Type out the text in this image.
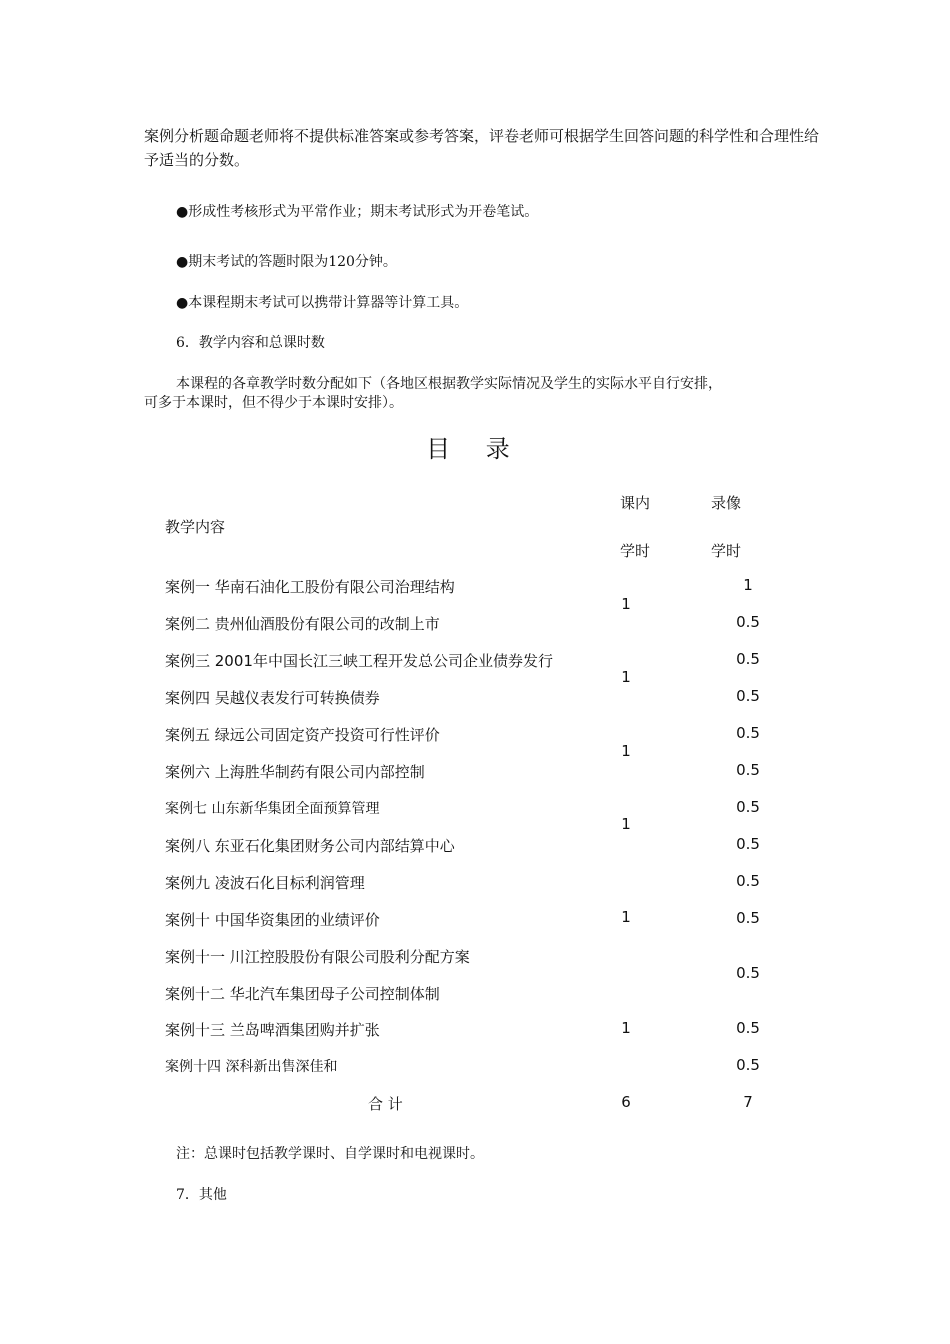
案例分析题命题老师将不提供标准答案或参考答案，评卷老师可根据学生回答问题的科学性和合理性给予适当的分数。
●形成性考核形式为平常作业；期末考试形式为开卷笔试。
●期末考试的答题时限为120分钟。
●本课程期末考试可以携带计算器等计算工具。
6．教学内容和总课时数
本课程的各章教学时数分配如下（各地区根据教学实际情况及学生的实际水平自行安排，
可多于本课时，但不得少于本课时安排）。
目 录
教学内容
课内
学时
录像
学时
案例一 华南石油化工股份有限公司治理结构
案例二 贵州仙酒股份有限公司的改制上市
案例三 2001年中国长江三峡工程开发总公司企业债券发行
案例四 吴越仪表发行可转换债券
案例五 绿远公司固定资产投资可行性评价
案例六 上海胜华制药有限公司内部控制
案例七 山东新华集团全面预算管理
案例八 东亚石化集团财务公司内部结算中心
案例九 凌波石化目标利润管理
案例十 中国华资集团的业绩评价
案例十一 川江控股股份有限公司股利分配方案
案例十二 华北汽车集团母子公司控制体制
案例十三 兰岛啤酒集团购并扩张
案例十四 深科新出售深佳和
1
1
1
1
1
1
1
0.5
0.5
0.5
0.5
0.5
0.5
0.5
0.5
0.5
0.5
0.5
0.5
合 计	6	7
注：总课时包括教学课时、自学课时和电视课时。
7．其他
